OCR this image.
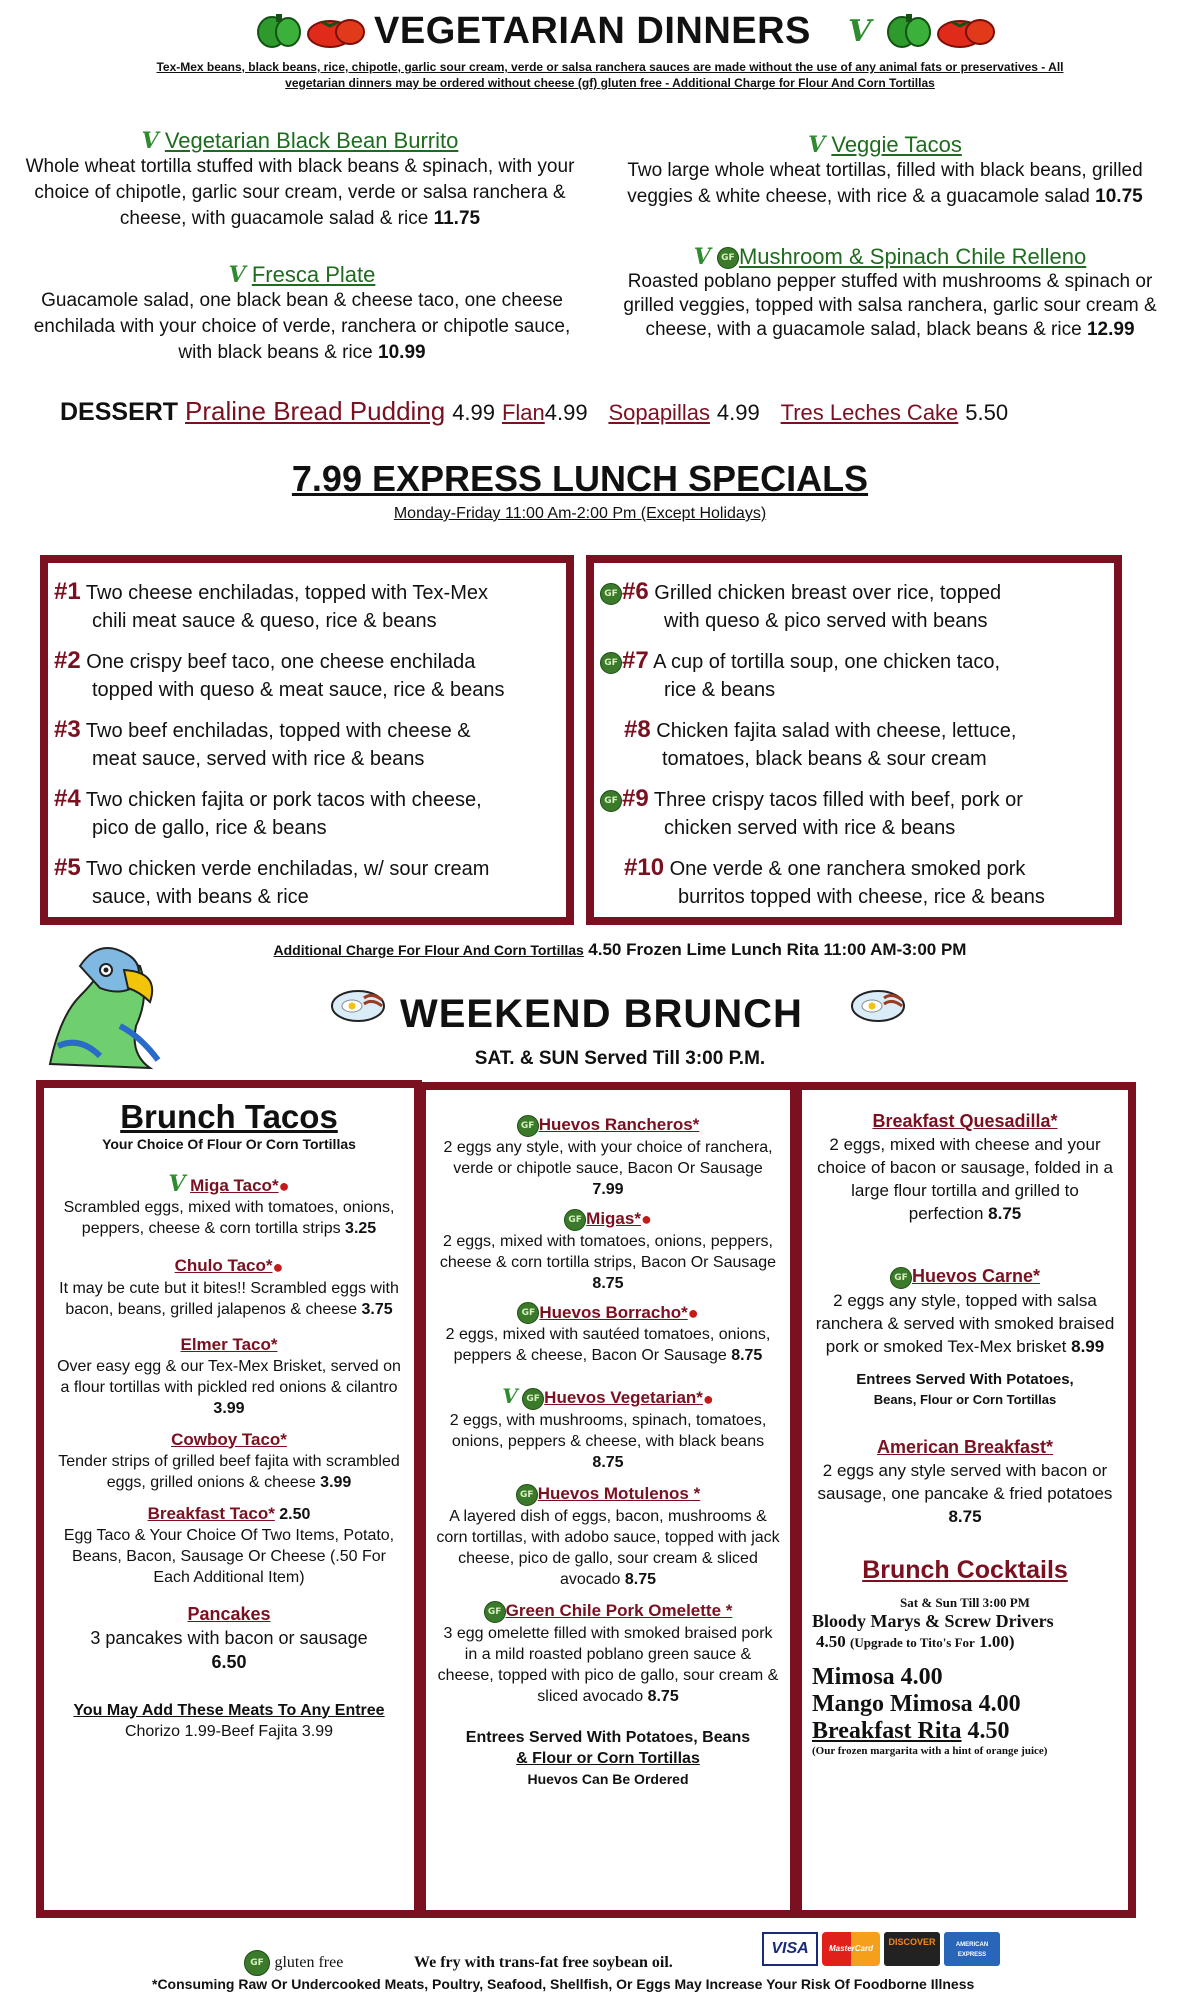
VEGETARIAN DINNERS V
Tex-Mex beans, black beans, rice, chipotle, garlic sour cream, verde or salsa ranchera sauces are made without the use of any animal fats or preservatives - All
vegetarian dinners may be ordered without cheese (gf) gluten free - Additional Charge for Flour And Corn Tortillas
V Vegetarian Black Bean Burrito
Whole wheat tortilla stuffed with black beans & spinach, with your choice of chipotle, garlic sour cream, verde or salsa ranchera & cheese, with guacamole salad & rice 11.75
V Fresca Plate
Guacamole salad, one black bean & cheese taco, one cheese enchilada with your choice of verde, ranchera or chipotle sauce, with black beans & rice 10.99
V Veggie Tacos
Two large whole wheat tortillas, filled with black beans, grilled veggies & white cheese, with rice & a guacamole salad 10.75
V GF Mushroom & Spinach Chile Relleno
Roasted poblano pepper stuffed with mushrooms & spinach or grilled veggies, topped with salsa ranchera, garlic sour cream & cheese, with a guacamole salad, black beans & rice 12.99
DESSERT Praline Bread Pudding 4.99 Flan4.99 Sopapillas 4.99 Tres Leches Cake 5.50
7.99 EXPRESS LUNCH SPECIALS
Monday-Friday 11:00 Am-2:00 Pm (Except Holidays)
#1 Two cheese enchiladas, topped with Tex-Mex
chili meat sauce & queso, rice & beans
#2 One crispy beef taco, one cheese enchilada
topped with queso & meat sauce, rice & beans
#3 Two beef enchiladas, topped with cheese &
meat sauce, served with rice & beans
#4 Two chicken fajita or pork tacos with cheese,
pico de gallo, rice & beans
#5 Two chicken verde enchiladas, w/ sour cream
sauce, with beans & rice
GF #6 Grilled chicken breast over rice, topped
with queso & pico served with beans
GF #7 A cup of tortilla soup, one chicken taco,
rice & beans
#8 Chicken fajita salad with cheese, lettuce,
tomatoes, black beans & sour cream
GF #9 Three crispy tacos filled with beef, pork or
chicken served with rice & beans
#10 One verde & one ranchera smoked pork
burritos topped with cheese, rice & beans
Additional Charge For Flour And Corn Tortillas 4.50 Frozen Lime Lunch Rita 11:00 AM-3:00 PM
WEEKEND BRUNCH
SAT. & SUN Served Till 3:00 P.M.
Brunch Tacos
Your Choice Of Flour Or Corn Tortillas
V Miga Taco*●
Scrambled eggs, mixed with tomatoes, onions, peppers, cheese & corn tortilla strips 3.25
Chulo Taco*●
It may be cute but it bites!! Scrambled eggs with bacon, beans, grilled jalapenos & cheese 3.75
Elmer Taco*
Over easy egg & our Tex-Mex Brisket, served on a flour tortillas with pickled red onions & cilantro 3.99
Cowboy Taco*
Tender strips of grilled beef fajita with scrambled eggs, grilled onions & cheese 3.99
Breakfast Taco* 2.50
Egg Taco & Your Choice Of Two Items, Potato, Beans, Bacon, Sausage Or Cheese (.50 For Each Additional Item)
Pancakes
3 pancakes with bacon or sausage
6.50
You May Add These Meats To Any Entree
Chorizo 1.99-Beef Fajita 3.99
GF Huevos Rancheros*
2 eggs any style, with your choice of ranchera, verde or chipotle sauce, Bacon Or Sausage 7.99
GF Migas*●
2 eggs, mixed with tomatoes, onions, peppers, cheese & corn tortilla strips, Bacon Or Sausage 8.75
GF Huevos Borracho*●
2 eggs, mixed with sautéed tomatoes, onions, peppers & cheese, Bacon Or Sausage 8.75
V GF Huevos Vegetarian*●
2 eggs, with mushrooms, spinach, tomatoes, onions, peppers & cheese, with black beans 8.75
GF Huevos Motulenos *
A layered dish of eggs, bacon, mushrooms & corn tortillas, with adobo sauce, topped with jack cheese, pico de gallo, sour cream & sliced avocado 8.75
GF Green Chile Pork Omelette *
3 egg omelette filled with smoked braised pork in a mild roasted poblano green sauce & cheese, topped with pico de gallo, sour cream & sliced avocado 8.75
Entrees Served With Potatoes, Beans
& Flour or Corn Tortillas
Huevos Can Be Ordered
Breakfast Quesadilla*
2 eggs, mixed with cheese and your choice of bacon or sausage, folded in a large flour tortilla and grilled to perfection 8.75
GF Huevos Carne*
2 eggs any style, topped with salsa ranchera & served with smoked braised pork or smoked Tex-Mex brisket 8.99
Entrees Served With Potatoes,
Beans, Flour or Corn Tortillas
American Breakfast*
2 eggs any style served with bacon or sausage, one pancake & fried potatoes 8.75
Brunch Cocktails
Sat & Sun Till 3:00 PM
Bloody Marys & Screw Drivers
4.50 (Upgrade to Tito's For 1.00)
Mimosa 4.00
Mango Mimosa 4.00
Breakfast Rita 4.50
(Our frozen margarita with a hint of orange juice)
GF gluten free	We fry with trans-fat free soybean oil.
VISA	MasterCard
DISCOVER	AMERICAN EXPRESS
*Consuming Raw Or Undercooked Meats, Poultry, Seafood, Shellfish, Or Eggs May Increase Your Risk Of Foodborne Illness
